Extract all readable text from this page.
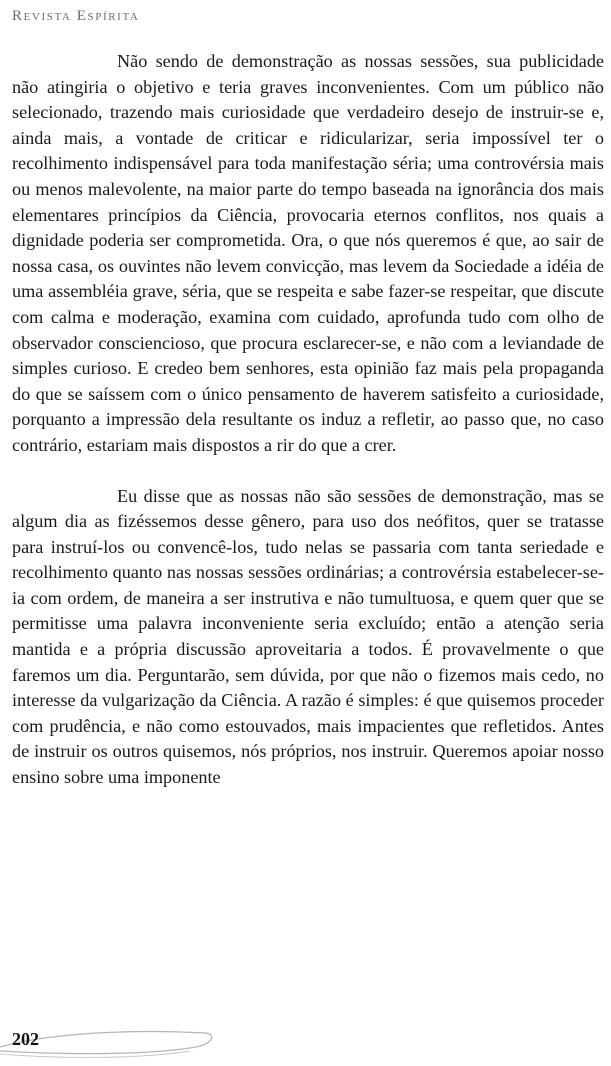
Revista Espírita

Não sendo de demonstração as nossas sessões, sua publicidade não atingiria o objetivo e teria graves inconvenientes. Com um público não selecionado, trazendo mais curiosidade que verdadeiro desejo de instruir-se e, ainda mais, a vontade de criticar e ridicularizar, seria impossível ter o recolhimento indispensável para toda manifestação séria; uma controvérsia mais ou menos malevolente, na maior parte do tempo baseada na ignorância dos mais elementares princípios da Ciência, provocaria eternos conflitos, nos quais a dignidade poderia ser comprometida. Ora, o que nós queremos é que, ao sair de nossa casa, os ouvintes não levem convicção, mas levem da Sociedade a idéia de uma assembléia grave, séria, que se respeita e sabe fazer-se respeitar, que discute com calma e moderação, examina com cuidado, aprofunda tudo com olho de observador consciencioso, que procura esclarecer-se, e não com a leviandade de simples curioso. E credeo bem senhores, esta opinião faz mais pela propaganda do que se saíssem com o único pensamento de haverem satisfeito a curiosidade, porquanto a impressão dela resultante os induz a refletir, ao passo que, no caso contrário, estariam mais dispostos a rir do que a crer.

Eu disse que as nossas não são sessões de demonstração, mas se algum dia as fizéssemos desse gênero, para uso dos neófitos, quer se tratasse para instruí-los ou convencê-los, tudo nelas se passaria com tanta seriedade e recolhimento quanto nas nossas sessões ordinárias; a controvérsia estabelecer-se-ia com ordem, de maneira a ser instrutiva e não tumultuosa, e quem quer que se permitisse uma palavra inconveniente seria excluído; então a atenção seria mantida e a própria discussão aproveitaria a todos. É provavelmente o que faremos um dia. Perguntarão, sem dúvida, por que não o fizemos mais cedo, no interesse da vulgarização da Ciência. A razão é simples: é que quisemos proceder com prudência, e não como estouvados, mais impacientes que refletidos. Antes de instruir os outros quisemos, nós próprios, nos instruir. Queremos apoiar nosso ensino sobre uma imponente

202
